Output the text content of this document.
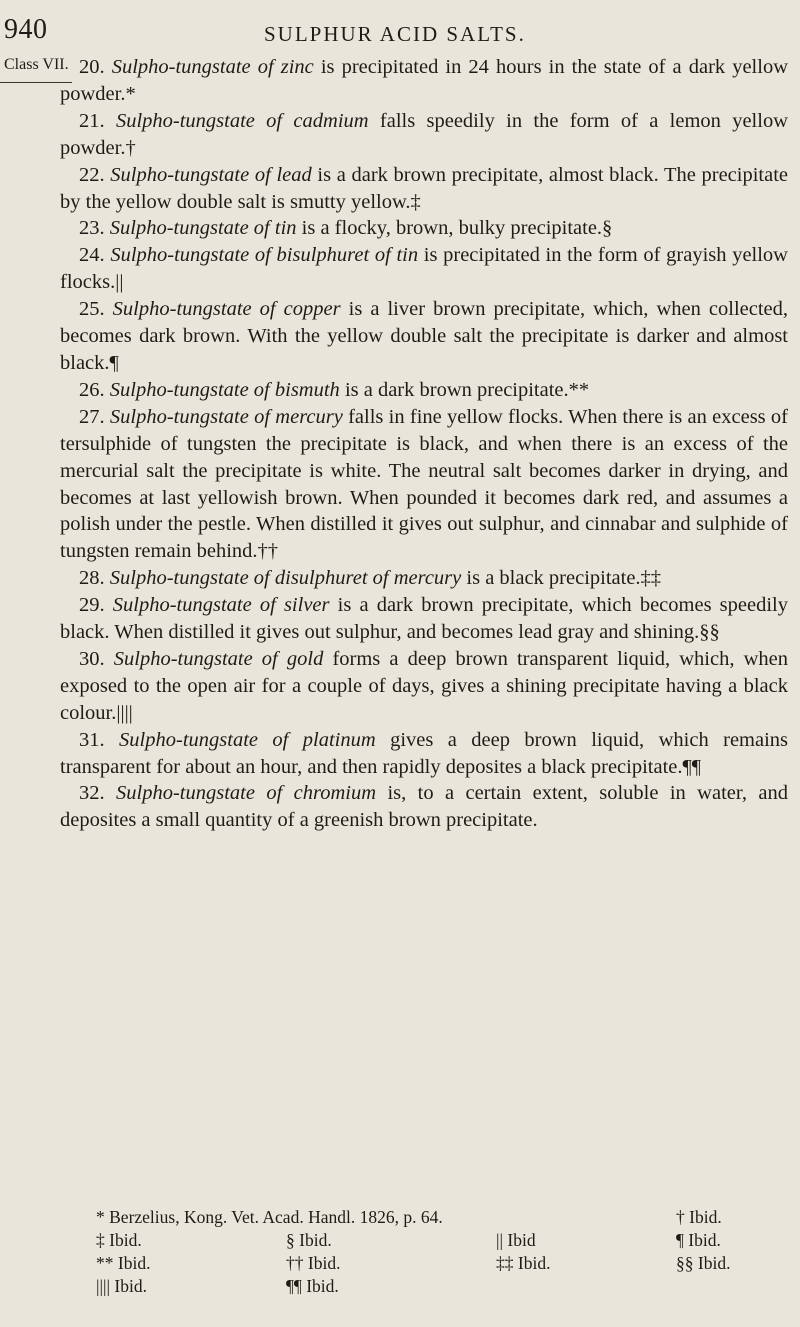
940	SULPHUR ACID SALTS.
Class VII. 20. Sulpho-tungstate of zinc is precipitated in 24 hours in the state of a dark yellow powder.*

21. Sulpho-tungstate of cadmium falls speedily in the form of a lemon yellow powder.†

22. Sulpho-tungstate of lead is a dark brown precipitate, almost black. The precipitate by the yellow double salt is smutty yellow.‡

23. Sulpho-tungstate of tin is a flocky, brown, bulky precipitate.§

24. Sulpho-tungstate of bisulphuret of tin is precipitated in the form of grayish yellow flocks.||

25. Sulpho-tungstate of copper is a liver brown precipitate, which, when collected, becomes dark brown. With the yellow double salt the precipitate is darker and almost black.¶

26. Sulpho-tungstate of bismuth is a dark brown precipitate.**

27. Sulpho-tungstate of mercury falls in fine yellow flocks. When there is an excess of tersulphide of tungsten the precipitate is black, and when there is an excess of the mercurial salt the precipitate is white. The neutral salt becomes darker in drying, and becomes at last yellowish brown. When pounded it becomes dark red, and assumes a polish under the pestle. When distilled it gives out sulphur, and cinnabar and sulphide of tungsten remain behind.††

28. Sulpho-tungstate of disulphuret of mercury is a black precipitate.‡‡

29. Sulpho-tungstate of silver is a dark brown precipitate, which becomes speedily black. When distilled it gives out sulphur, and becomes lead gray and shining.§§

30. Sulpho-tungstate of gold forms a deep brown transparent liquid, which, when exposed to the open air for a couple of days, gives a shining precipitate having a black colour.||||

31. Sulpho-tungstate of platinum gives a deep brown liquid, which remains transparent for about an hour, and then rapidly deposites a black precipitate.¶¶

32. Sulpho-tungstate of chromium is, to a certain extent, soluble in water, and deposites a small quantity of a greenish brown precipitate.

* Berzelius, Kong. Vet. Acad. Handl. 1826, p. 64.	† Ibid.
‡ Ibid.	§ Ibid.	|| Ibid	¶ Ibid.
** Ibid.	†† Ibid.	‡‡ Ibid.	§§ Ibid.
|||| Ibid.	¶¶ Ibid.
